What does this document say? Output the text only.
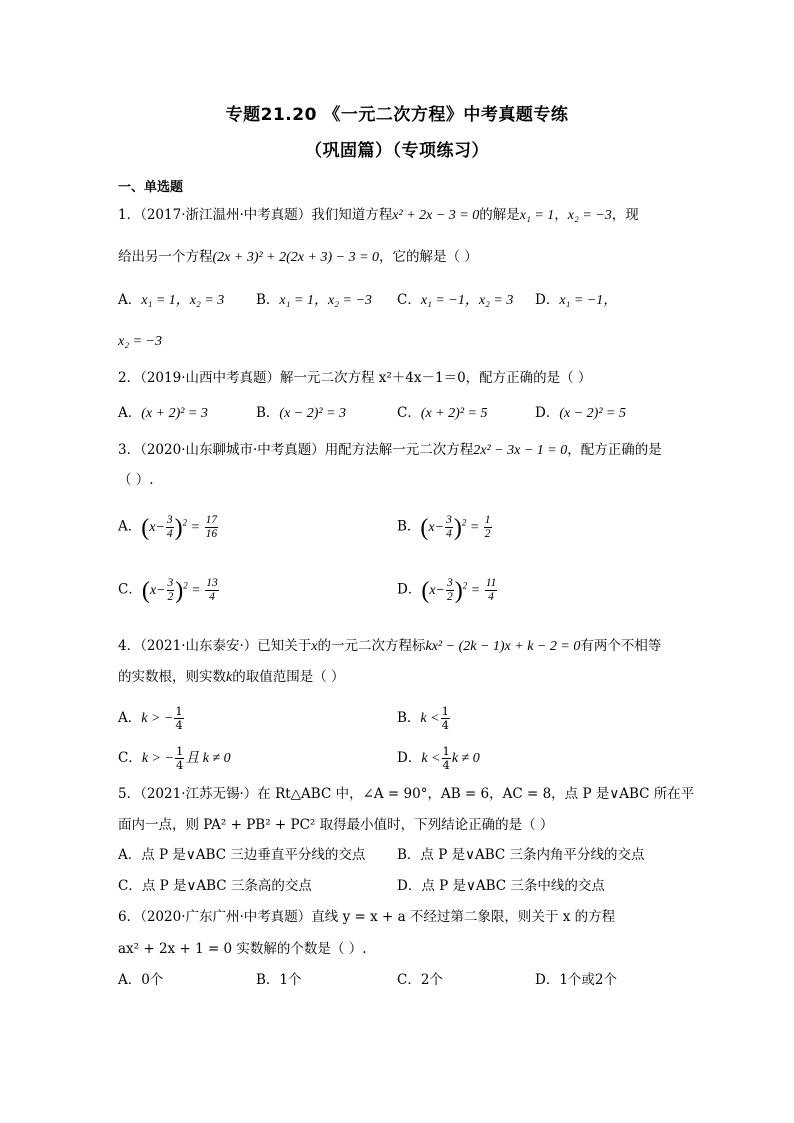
专题21.20 《一元二次方程》中考真题专练
（巩固篇）（专项练习）
一、单选题
1．（2017·浙江温州·中考真题）我们知道方程x² + 2x − 3 = 0的解是x₁ = 1，x₂ = −3，现
给出另一个方程(2x + 3)² + 2(2x + 3) − 3 = 0，它的解是（ ）
A．x₁ = 1，x₂ = 3 B．x₁ = 1，x₂ = −3 C．x₁ = −1，x₂ = 3 D．x₁ = −1，
x₂ = −3
2．（2019·山西中考真题）解一元二次方程 x²＋4x－1＝0，配方正确的是（ ）
A．(x + 2)² = 3	B．(x − 2)² = 3	C．(x + 2)² = 5	D．(x − 2)² = 5
3．（2020·山东聊城市·中考真题）用配方法解一元二次方程2x² − 3x − 1 = 0，配方正确的是
（ ）.
A．$(x- \frac{3}{4} )^2 = \frac{17}{16}$	B．$(x- \frac{3}{4} )^2 = \frac{1}{2}$
C．$(x- \frac{3}{2} )^2 = \frac{13}{4}$	D．$(x- \frac{3}{2} )^2 = \frac{11}{4}$
4．（2021·山东泰安·）已知关于x的一元二次方程标kx² − (2k − 1)x + k − 2 = 0有两个不相等
的实数根，则实数k的取值范围是（ ）
A．k > − $\frac{1}{4}$	B．$k < \frac{1}{4}$
C．k > − $\frac{1}{4}$ 且 k ≠ 0	D．$k < \frac{1}{4}$ k ≠ 0
5．（2021·江苏无锡·）在 Rt△ABC 中，∠A = 90°，AB = 6，AC = 8，点 P 是∨ABC 所在平
面内一点，则 PA² + PB² + PC² 取得最小值时，下列结论正确的是（ ）
A．点 P 是∨ABC 三边垂直平分线的交点 B．点 P 是∨ABC 三条内角平分线的交点
C．点 P 是∨ABC 三条高的交点	D．点 P 是∨ABC 三条中线的交点
6．（2020·广东广州·中考真题）直线 y = x + a 不经过第二象限，则关于 x 的方程
ax² + 2x + 1 = 0 实数解的个数是（ ）.
A．0个	B．1个	C．2个	D．1个或2个
